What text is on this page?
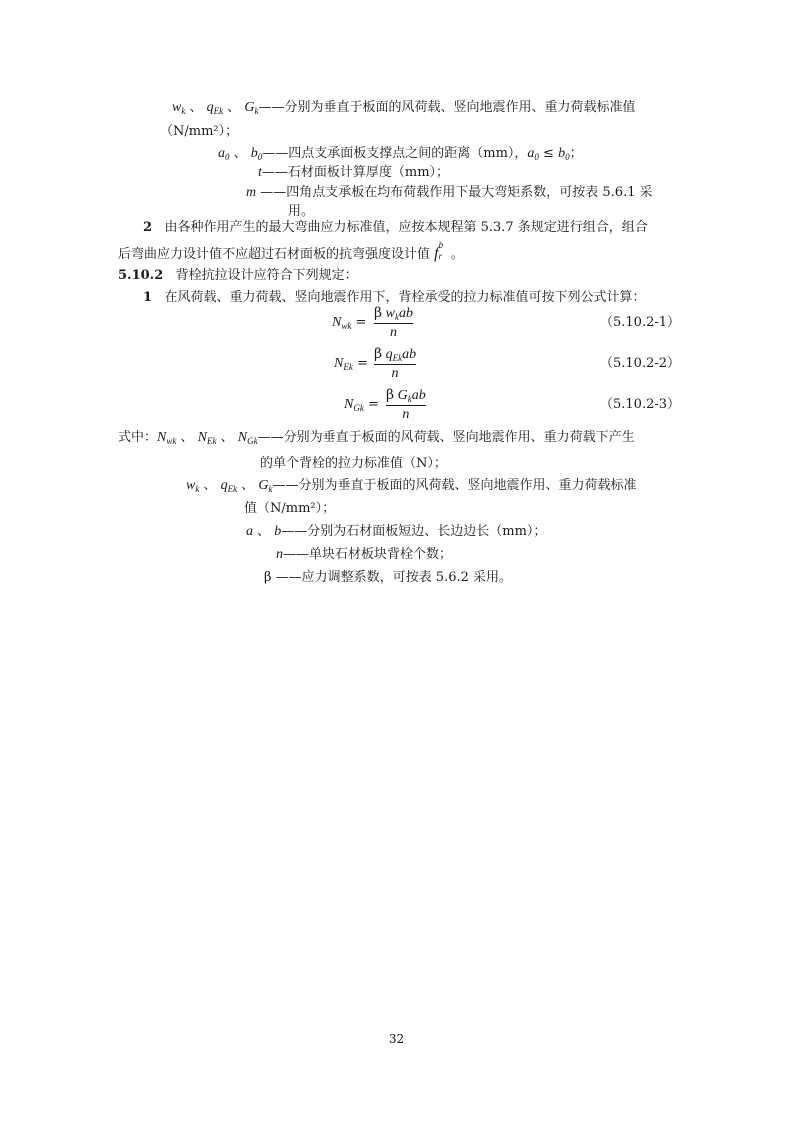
$w_k$ 、 $q_{Ek}$ 、 $G_k——$分别为垂直于板面的风荷载、竖向地震作用、重力荷载标准值
（N/mm²）；
$a_0$ 、 $b_0——$四点支承面板支撑点之间的距离（mm），$a_0 \le b_0$；
t——石材面板计算厚度（mm）；
m ——四角点支承板在均布荷载作用下最大弯矩系数，可按表 5.6.1 采
用。
2 由各种作用产生的最大弯曲应力标准值，应按本规程第 5.3.7 条规定进行组合，组合
后弯曲应力设计值不应超过石材面板的抗弯强度设计值 f b
r 。
5.10.2 背栓抗拉设计应符合下列规定：
1 在风荷载、重力荷载、竖向地震作用下，背栓承受的拉力标准值可按下列公式计算：
$N_{wk}$ =
β $w_kab$
n
（5.10.2-1）
$N_{Ek}$ =
β $q_{Ek}ab$
n
（5.10.2-2）
$N_{Gk}$ =
β $G_kab$
n
（5.10.2-3）
式中：$N_{wk}$ 、 $N_{Ek}$ 、 $N_{Gk}——$分别为垂直于板面的风荷载、竖向地震作用、重力荷载下产生
的单个背栓的拉力标准值（N）；
$w_k$ 、 $q_{Ek}$ 、 $G_k——$分别为垂直于板面的风荷载、竖向地震作用、重力荷载标准
值（N/mm²）；
a 、 b——分别为石材面板短边、长边边长（mm）；
n——单块石材板块背栓个数；
β ——应力调整系数，可按表 5.6.2 采用。
32
